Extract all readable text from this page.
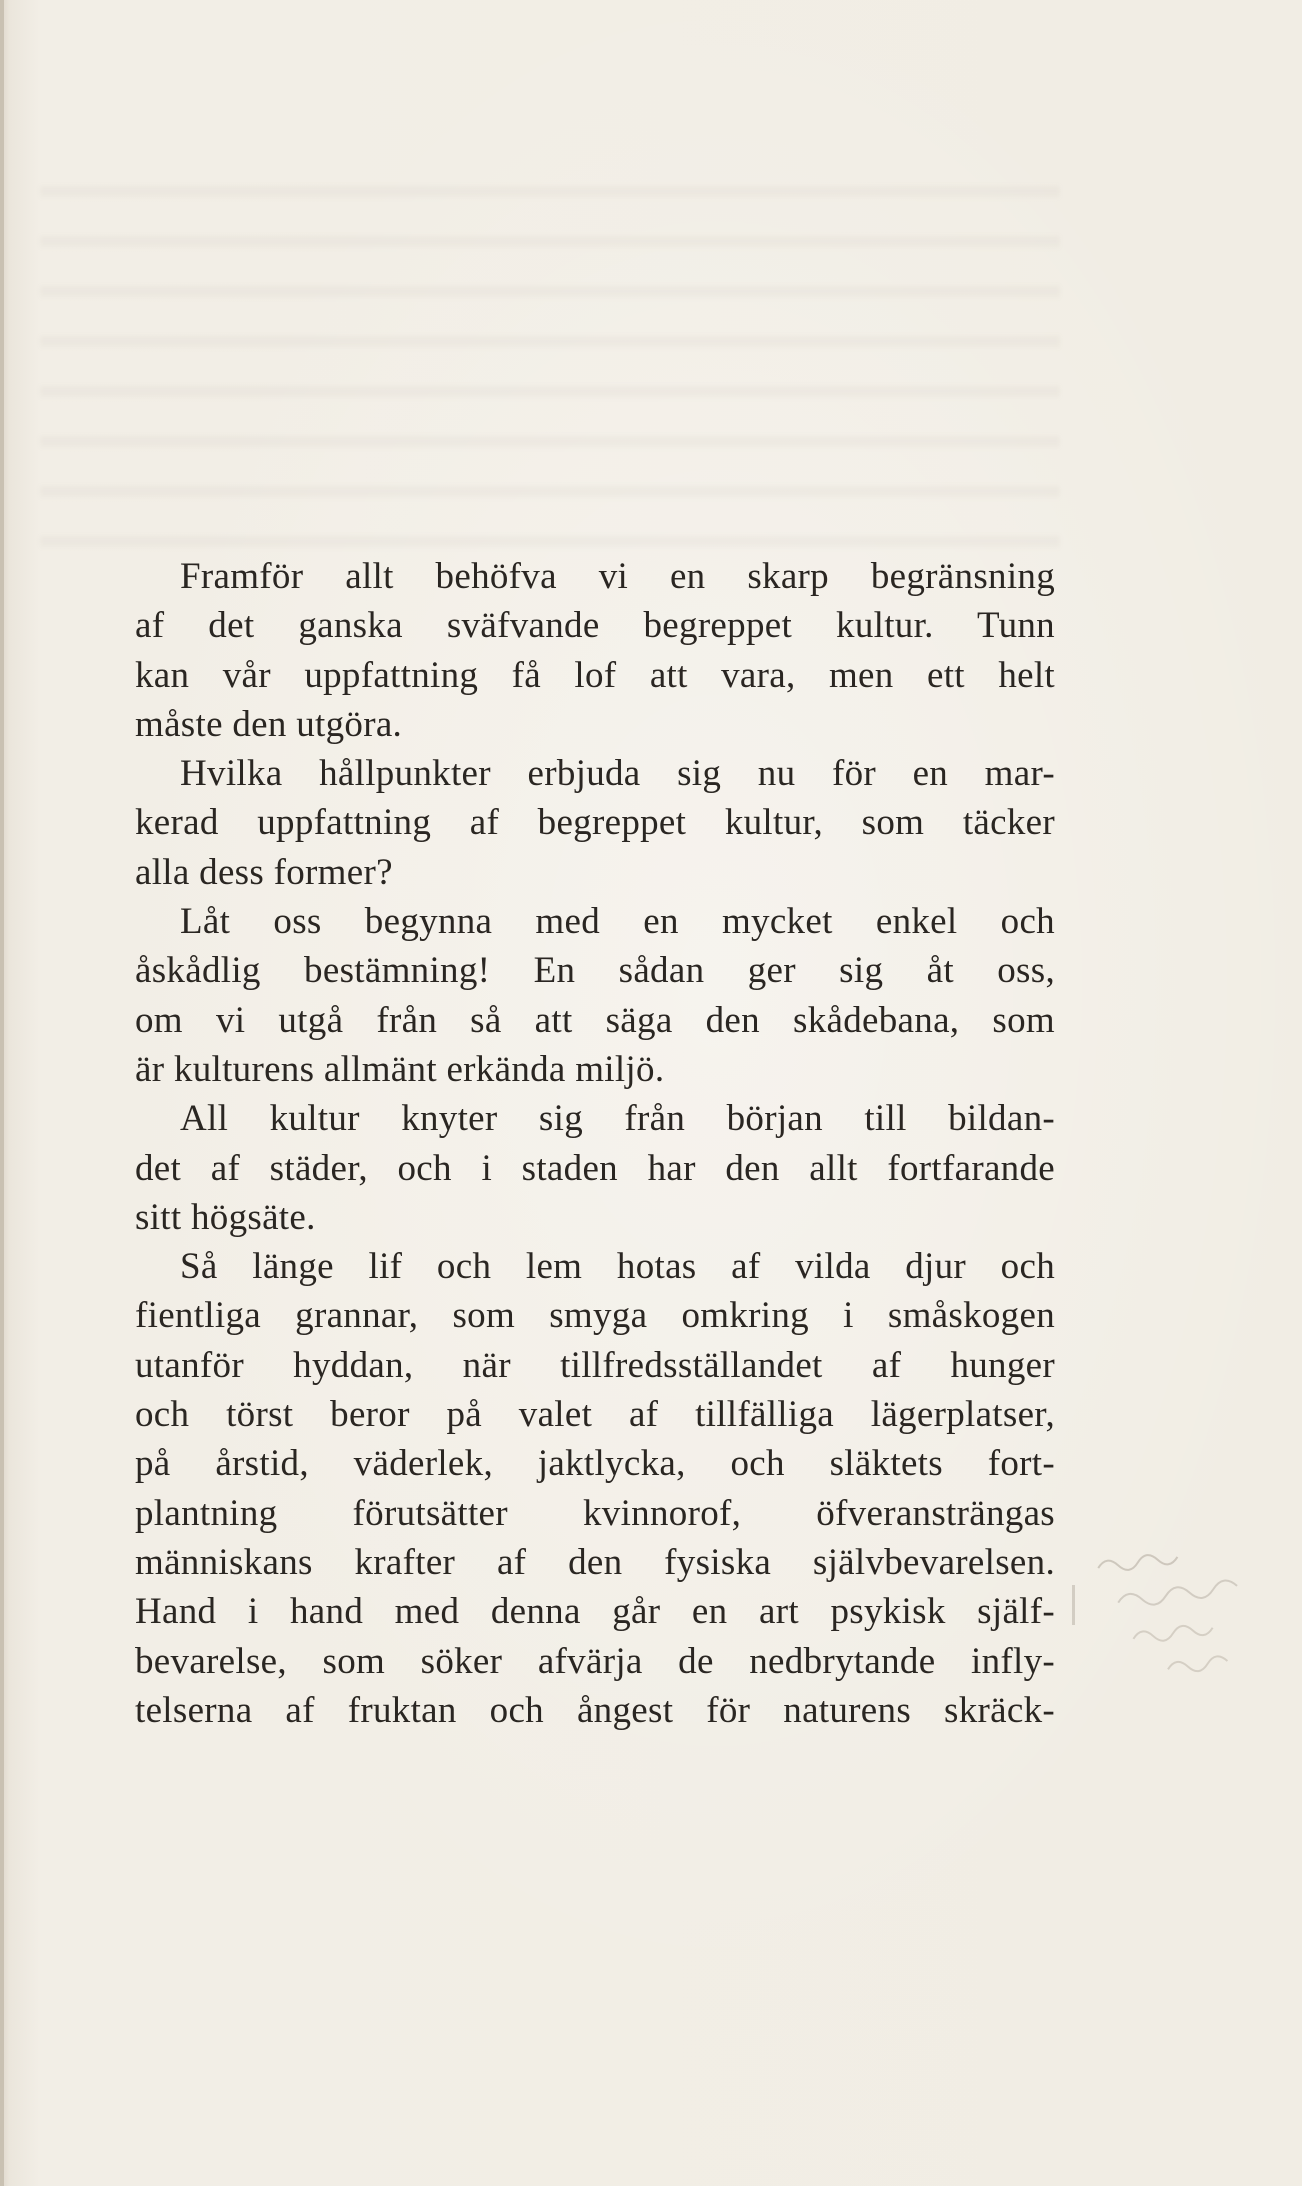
Framför allt behöfva vi en skarp begränsning
af det ganska sväfvande begreppet kultur. Tunn
kan vår uppfattning få lof att vara, men ett helt
måste den utgöra.
Hvilka hållpunkter erbjuda sig nu för en mar-
kerad uppfattning af begreppet kultur, som täcker
alla dess former?
Låt oss begynna med en mycket enkel och
åskådlig bestämning! En sådan ger sig åt oss,
om vi utgå från så att säga den skådebana, som
är kulturens allmänt erkända miljö.
All kultur knyter sig från början till bildan-
det af städer, och i staden har den allt fortfarande
sitt högsäte.
Så länge lif och lem hotas af vilda djur och
fientliga grannar, som smyga omkring i småskogen
utanför hyddan, när tillfredsställandet af hunger
och törst beror på valet af tillfälliga lägerplatser,
på årstid, väderlek, jaktlycka, och släktets fort-
plantning förutsätter kvinnorof, öfveransträngas
människans krafter af den fysiska självbevarelsen.
Hand i hand med denna går en art psykisk själf-
bevarelse, som söker afvärja de nedbrytande infly-
telserna af fruktan och ångest för naturens skräck-
